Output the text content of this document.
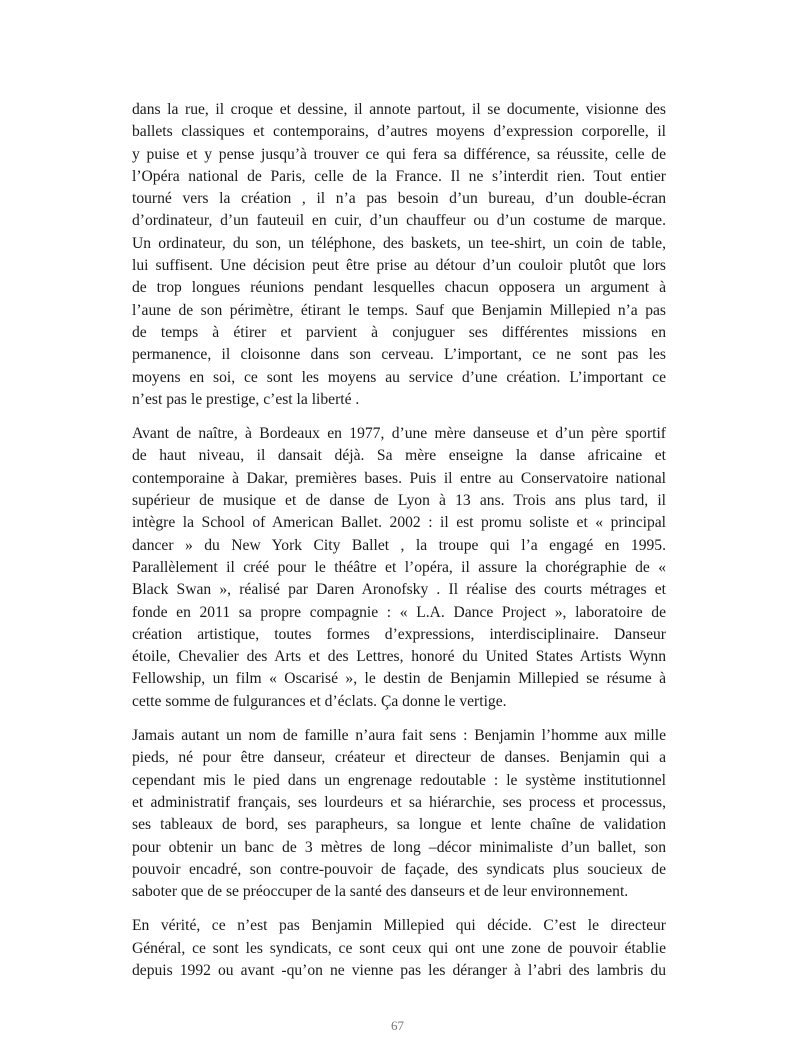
dans la rue, il croque et dessine, il annote partout, il se documente, visionne des
ballets classiques et contemporains, d’autres moyens d’expression corporelle, il
y puise et y pense jusqu’à trouver ce qui fera sa différence, sa réussite, celle de
l’Opéra national de Paris, celle de la France. Il ne s’interdit rien. Tout entier
tourné vers la création , il n’a pas besoin d’un bureau, d’un double-écran
d’ordinateur, d’un fauteuil en cuir, d’un chauffeur ou d’un costume de marque.
Un ordinateur, du son, un téléphone, des baskets, un tee-shirt, un coin de table,
lui suffisent. Une décision peut être prise au détour d’un couloir plutôt que lors
de trop longues réunions pendant lesquelles chacun opposera un argument à
l’aune de son périmètre, étirant le temps. Sauf que Benjamin Millepied n’a pas
de temps à étirer et parvient à conjuguer ses différentes missions en
permanence, il cloisonne dans son cerveau. L’important, ce ne sont pas les
moyens en soi, ce sont les moyens au service d’une création. L’important ce
n’est pas le prestige, c’est la liberté .
Avant de naître, à Bordeaux en 1977, d’une mère danseuse et d’un père sportif
de haut niveau, il dansait déjà. Sa mère enseigne la danse africaine et
contemporaine à Dakar, premières bases. Puis il entre au Conservatoire national
supérieur de musique et de danse de Lyon à 13 ans. Trois ans plus tard, il
intègre la School of American Ballet. 2002 : il est promu soliste et « principal
dancer » du New York City Ballet , la troupe qui l’a engagé en 1995.
Parallèlement il créé pour le théâtre et l’opéra, il assure la chorégraphie de «
Black Swan », réalisé par Daren Aronofsky . Il réalise des courts métrages et
fonde en 2011 sa propre compagnie : « L.A. Dance Project », laboratoire de
création artistique, toutes formes d’expressions, interdisciplinaire. Danseur
étoile, Chevalier des Arts et des Lettres, honoré du United States Artists Wynn
Fellowship, un film « Oscarisé », le destin de Benjamin Millepied se résume à
cette somme de fulgurances et d’éclats. Ça donne le vertige.
Jamais autant un nom de famille n’aura fait sens : Benjamin l’homme aux mille
pieds, né pour être danseur, créateur et directeur de danses. Benjamin qui a
cependant mis le pied dans un engrenage redoutable : le système institutionnel
et administratif français, ses lourdeurs et sa hiérarchie, ses process et processus,
ses tableaux de bord, ses parapheurs, sa longue et lente chaîne de validation
pour obtenir un banc de 3 mètres de long –décor minimaliste d’un ballet, son
pouvoir encadré, son contre-pouvoir de façade, des syndicats plus soucieux de
saboter que de se préoccuper de la santé des danseurs et de leur environnement.
En vérité, ce n’est pas Benjamin Millepied qui décide. C’est le directeur
Général, ce sont les syndicats, ce sont ceux qui ont une zone de pouvoir établie
depuis 1992 ou avant -qu’on ne vienne pas les déranger à l’abri des lambris du
67
